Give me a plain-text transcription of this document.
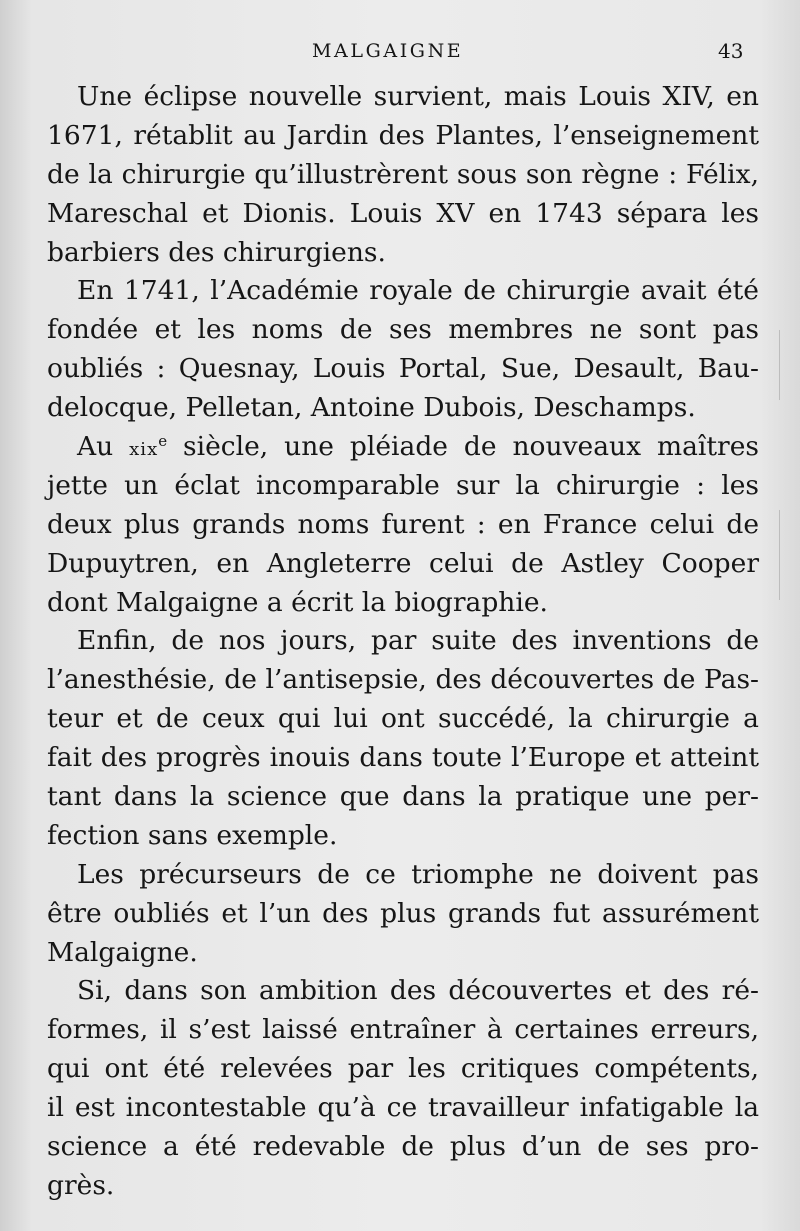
MALGAIGNE	43
Une éclipse nouvelle survient, mais Louis XIV, en
1671, rétablit au Jardin des Plantes, l’enseignement
de la chirurgie qu’illustrèrent sous son règne : Félix,
Mareschal et Dionis. Louis XV en 1743 sépara les
barbiers des chirurgiens.
En 1741, l’Académie royale de chirurgie avait été
fondée et les noms de ses membres ne sont pas
oubliés : Quesnay, Louis Portal, Sue, Desault, Bau-
delocque, Pelletan, Antoine Dubois, Deschamps.
Au xix$^e$ siècle, une pléiade de nouveaux maîtres
jette un éclat incomparable sur la chirurgie : les
deux plus grands noms furent : en France celui de
Dupuytren, en Angleterre celui de Astley Cooper
dont Malgaigne a écrit la biographie.
Enfin, de nos jours, par suite des inventions de
l’anesthésie, de l’antisepsie, des découvertes de Pas-
teur et de ceux qui lui ont succédé, la chirurgie a
fait des progrès inouis dans toute l’Europe et atteint
tant dans la science que dans la pratique une per-
fection sans exemple.
Les précurseurs de ce triomphe ne doivent pas
être oubliés et l’un des plus grands fut assurément
Malgaigne.
Si, dans son ambition des découvertes et des ré-
formes, il s’est laissé entraîner à certaines erreurs,
qui ont été relevées par les critiques compétents,
il est incontestable qu’à ce travailleur infatigable la
science a été redevable de plus d’un de ses pro-
grès.
